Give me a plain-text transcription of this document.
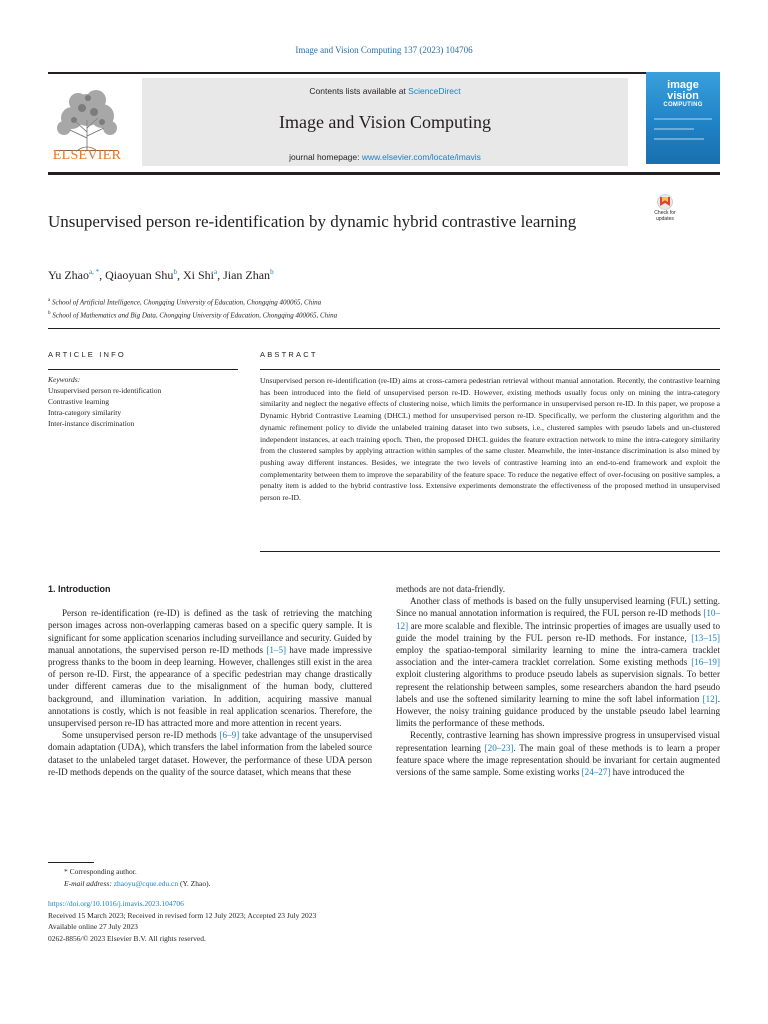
Image and Vision Computing 137 (2023) 104706
ELSEVIER
Contents lists available at ScienceDirect
Image and Vision Computing
journal homepage: www.elsevier.com/locate/imavis
image
vision
COMPUTING
Check for
updates
Unsupervised person re-identification by dynamic hybrid contrastive learning
Yu Zhao$^{a, *}$, Qiaoyuan Shu$^b$, Xi Shi$^a$, Jian Zhan$^b$
$^a$ School of Artificial Intelligence, Chongqing University of Education, Chongqing 400065, China
$^b$ School of Mathematics and Big Data, Chongqing University of Education, Chongqing 400065, China
ARTICLE INFO	ABSTRACT
Keywords:
Unsupervised person re-identification
Contrastive learning
Intra-category similarity
Inter-instance discrimination
Unsupervised person re-identification (re-ID) aims at cross-camera pedestrian retrieval without manual annotation. Recently, the contrastive learning has been introduced into the field of unsupervised person re-ID. However, existing methods usually focus only on mining the intra-category similarity and neglect the negative effects of clustering noise, which limits the performance in unsupervised person re-ID. In this paper, we propose a Dynamic Hybrid Contrastive Learning (DHCL) method for unsupervised person re-ID. Specifically, we perform the clustering algorithm and the dynamic refinement policy to divide the unlabeled training dataset into two subsets, i.e., clustered samples with pseudo labels and un-clustered independent instances, at each training epoch. Then, the proposed DHCL guides the feature extraction network to mine the intra-category similarity from the clustered samples by applying attraction within samples of the same cluster. Meanwhile, the inter-instance discrimination is also mined by pushing away different instances. Besides, we integrate the two levels of contrastive learning into an end-to-end framework and exploit the complementarity between them to improve the separability of the feature space. To reduce the negative effect of over-focusing on positive samples, a penalty item is added to the hybrid contrastive loss. Extensive experiments demonstrate the effectiveness of the proposed method in unsupervised person re-ID.
1. Introduction

Person re-identification (re-ID) is defined as the task of retrieving the matching person images across non-overlapping cameras based on a specific query sample. It is significant for some application scenarios including surveillance and security. Guided by manual annotations, the supervised person re-ID methods [1–5] have made impressive progress thanks to the boom in deep learning. However, challenges still exist in the area of person re-ID. First, the appearance of a specific pedestrian may change drastically under different cameras due to the misalignment of the human body, cluttered background, and illumination variation. In addition, acquiring massive manual annotations is costly, which is not feasible in real application scenarios. Therefore, the unsupervised person re-ID has attracted more and more attention in recent years.

Some unsupervised person re-ID methods [6–9] take advantage of the unsupervised domain adaptation (UDA), which transfers the label information from the labeled source dataset to the unlabeled target dataset. However, the performance of these UDA person re-ID methods depends on the quality of the source dataset, which means that these

methods are not data-friendly.

Another class of methods is based on the fully unsupervised learning (FUL) setting. Since no manual annotation information is required, the FUL person re-ID methods [10–12] are more scalable and flexible. The intrinsic properties of images are usually used to guide the model training by the FUL person re-ID methods. For instance, [13–15] employ the spatiao-temporal similarity learning to mine the intra-camera tracklet association and the inter-camera tracklet correlation. Some existing methods [16–19] exploit clustering algorithms to produce pseudo labels as supervision signals. To better represent the relationship between samples, some researchers abandon the hard pseudo labels and use the softened similarity learning to mine the soft label information [12]. However, the noisy training guidance produced by the unstable pseudo label learning limits the performance of these methods.

Recently, contrastive learning has shown impressive progress in unsupervised visual representation learning [20–23]. The main goal of these methods is to learn a proper feature space where the image representation should be invariant for certain augmented versions of the same sample. Some existing works [24–27] have introduced the

* Corresponding author.
E-mail address: zhaoyu@cque.edu.cn (Y. Zhao).
https://doi.org/10.1016/j.imavis.2023.104706
Received 15 March 2023; Received in revised form 12 July 2023; Accepted 23 July 2023
Available online 27 July 2023
0262-8856/© 2023 Elsevier B.V. All rights reserved.
